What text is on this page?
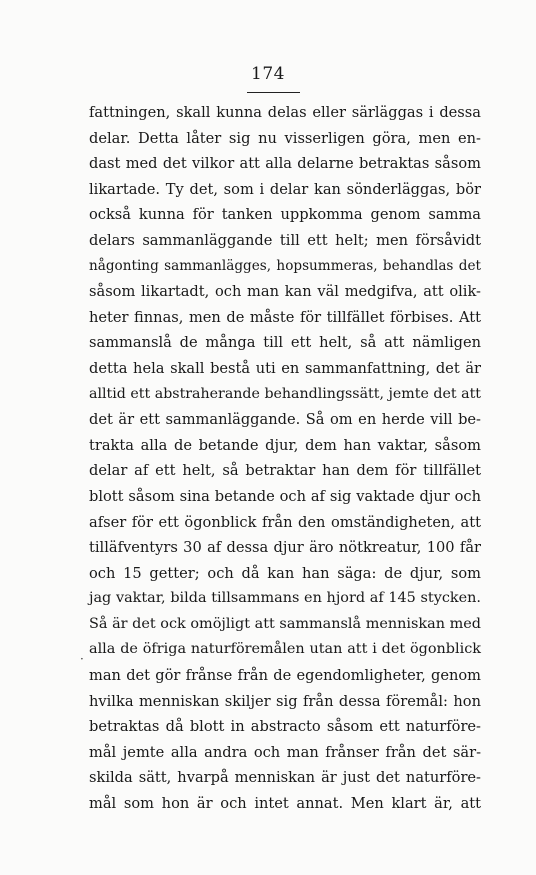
174
fattningen, skall kunna delas eller särläggas i dessa
delar. Detta låter sig nu visserligen göra, men en-
dast med det vilkor att alla delarne betraktas såsom
likartade. Ty det, som i delar kan sönderläggas, bör
också kunna för tanken uppkomma genom samma
delars sammanläggande till ett helt; men försåvidt
någonting sammanlägges, hopsummeras, behandlas det
såsom likartadt, och man kan väl medgifva, att olik-
heter finnas, men de måste för tillfället förbises. Att
sammanslå de många till ett helt, så att nämligen
detta hela skall bestå uti en sammanfattning, det är
alltid ett abstraherande behandlingssätt, jemte det att
det är ett sammanläggande. Så om en herde vill be-
trakta alla de betande djur, dem han vaktar, såsom
delar af ett helt, så betraktar han dem för tillfället
blott såsom sina betande och af sig vaktade djur och
afser för ett ögonblick från den omständigheten, att
tilläfventyrs 30 af dessa djur äro nötkreatur, 100 får
och 15 getter; och då kan han säga: de djur, som
jag vaktar, bilda tillsammans en hjord af 145 stycken.
Så är det ock omöjligt att sammanslå menniskan med
alla de öfriga naturföremålen utan att i det ögonblick
man det gör frånse från de egendomligheter, genom
hvilka menniskan skiljer sig från dessa föremål: hon
betraktas då blott in abstracto såsom ett naturföre-
mål jemte alla andra och man frånser från det sär-
skilda sätt, hvarpå menniskan är just det naturföre-
mål som hon är och intet annat. Men klart är, att
·
